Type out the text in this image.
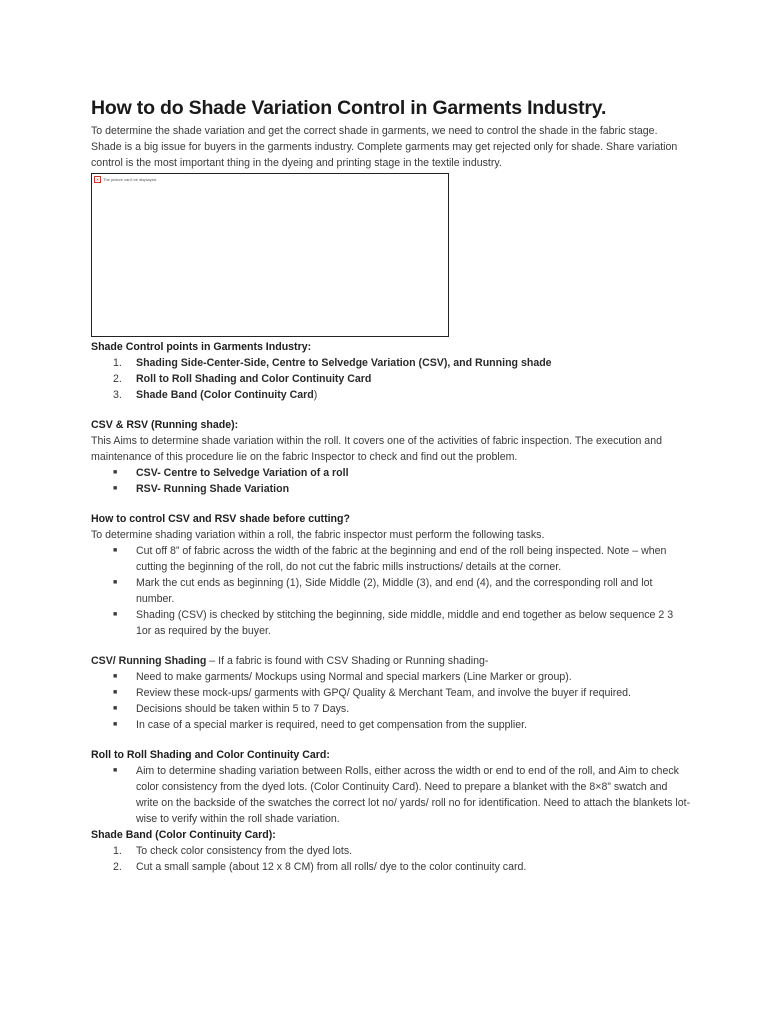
How to do Shade Variation Control in Garments Industry.

To determine the shade variation and get the correct shade in garments, we need to control the shade in the fabric stage. Shade is a big issue for buyers in the garments industry. Complete garments may get rejected only for shade. Share variation control is the most important thing in the dyeing and printing stage in the textile industry.

✕ The picture can't be displayed.

Shade Control points in Garments Industry:

1. Shading Side-Center-Side, Centre to Selvedge Variation (CSV), and Running shade
2. Roll to Roll Shading and Color Continuity Card
3. Shade Band (Color Continuity Card)

CSV & RSV (Running shade):

This Aims to determine shade variation within the roll. It covers one of the activities of fabric inspection. The execution and maintenance of this procedure lie on the fabric Inspector to check and find out the problem.

■ CSV- Centre to Selvedge Variation of a roll
■ RSV- Running Shade Variation

How to control CSV and RSV shade before cutting?

To determine shading variation within a roll, the fabric inspector must perform the following tasks.

■ Cut off 8” of fabric across the width of the fabric at the beginning and end of the roll being inspected. Note – when cutting the beginning of the roll, do not cut the fabric mills instructions/ details at the corner.
■ Mark the cut ends as beginning (1), Side Middle (2), Middle (3), and end (4), and the corresponding roll and lot number.
■ Shading (CSV) is checked by stitching the beginning, side middle, middle and end together as below sequence 2 3 1or as required by the buyer.

CSV/ Running Shading – If a fabric is found with CSV Shading or Running shading-

■ Need to make garments/ Mockups using Normal and special markers (Line Marker or group).
■ Review these mock-ups/ garments with GPQ/ Quality & Merchant Team, and involve the buyer if required.
■ Decisions should be taken within 5 to 7 Days.
■ In case of a special marker is required, need to get compensation from the supplier.

Roll to Roll Shading and Color Continuity Card:

■ Aim to determine shading variation between Rolls, either across the width or end to end of the roll, and Aim to check color consistency from the dyed lots. (Color Continuity Card). Need to prepare a blanket with the 8×8” swatch and write on the backside of the swatches the correct lot no/ yards/ roll no for identification. Need to attach the blankets lot-wise to verify within the roll shade variation.

Shade Band (Color Continuity Card):

1. To check color consistency from the dyed lots.
2. Cut a small sample (about 12 x 8 CM) from all rolls/ dye to the color continuity card.
